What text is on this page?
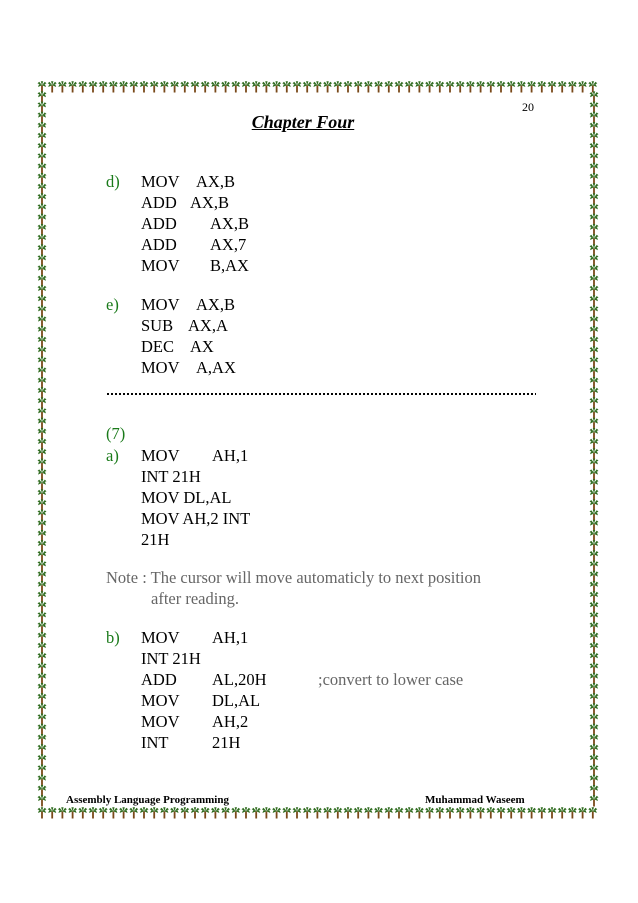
20
Chapter Four
d) MOV AX,B
ADD AX,B
ADD AX,B
ADD AX,7
MOV B,AX
e) MOV AX,B
SUB AX,A
DEC AX
MOV A,AX
(7)
a) MOV AH,1
INT 21H
MOV DL,AL
MOV AH,2 INT
21H
Note : The cursor will move automaticly to next position
after reading.
b) MOV AH,1
INT 21H
ADD AL,20H	;convert to lower case
MOV DL,AL
MOV AH,2
INT	21H
Assembly Language Programming	Muhammad Waseem
